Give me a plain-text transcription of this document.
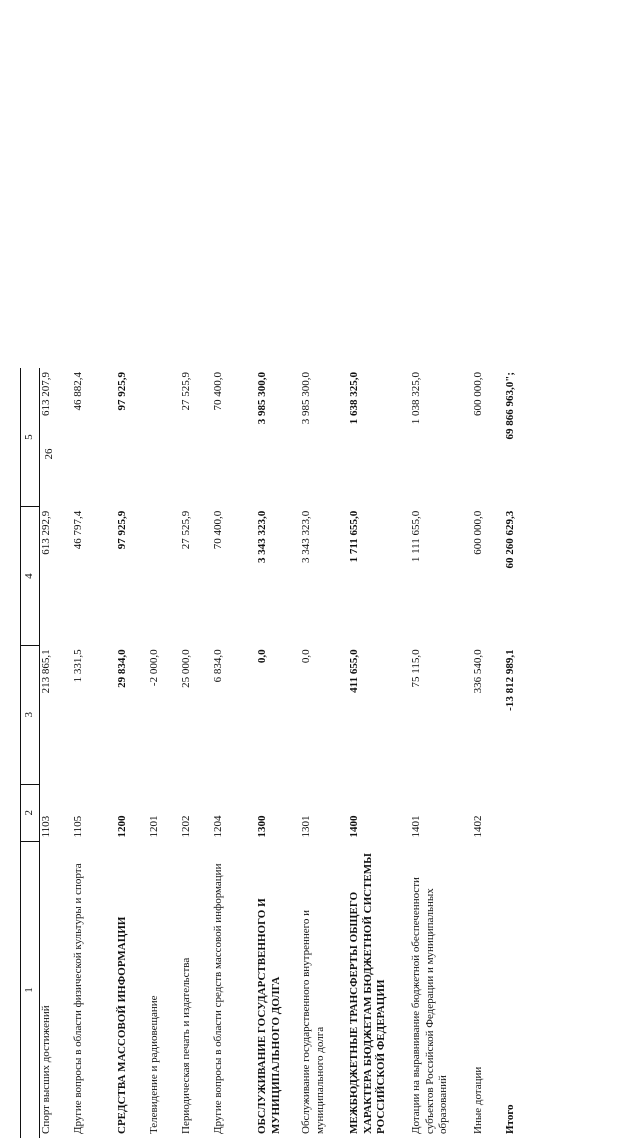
26
1	2	3	4	5
Спорт высших достижений	1103	213 865,1	613 292,9	613 207,9
Другие вопросы в области физической культуры и спорта	1105	1 331,5	46 797,4	46 882,4
СРЕДСТВА МАССОВОЙ ИНФОРМАЦИИ	1200	29 834,0	97 925,9	97 925,9
Телевидение и радиовещание	1201	-2 000,0		
Периодическая печать и издательства	1202	25 000,0	27 525,9	27 525,9
Другие вопросы в области средств массовой информации	1204	6 834,0	70 400,0	70 400,0
ОБСЛУЖИВАНИЕ ГОСУДАРСТВЕННОГО И МУНИЦИПАЛЬНОГО ДОЛГА	1300	0,0	3 343 323,0	3 985 300,0
Обслуживание государственного внутреннего и муниципального долга	1301	0,0	3 343 323,0	3 985 300,0
МЕЖБЮДЖЕТНЫЕ ТРАНСФЕРТЫ ОБЩЕГО ХАРАКТЕРА БЮДЖЕТАМ БЮДЖЕТНОЙ СИСТЕМЫ РОССИЙСКОЙ ФЕДЕРАЦИИ	1400	411 655,0	1 711 655,0	1 638 325,0
Дотации на выравнивание бюджетной обеспеченности субъектов Российской Федерации и муниципальных образований	1401	75 115,0	1 111 655,0	1 038 325,0
Иные дотации	1402	336 540,0	600 000,0	600 000,0
Итого		-13 812 989,1	60 260 629,3	69 866 963,0";
